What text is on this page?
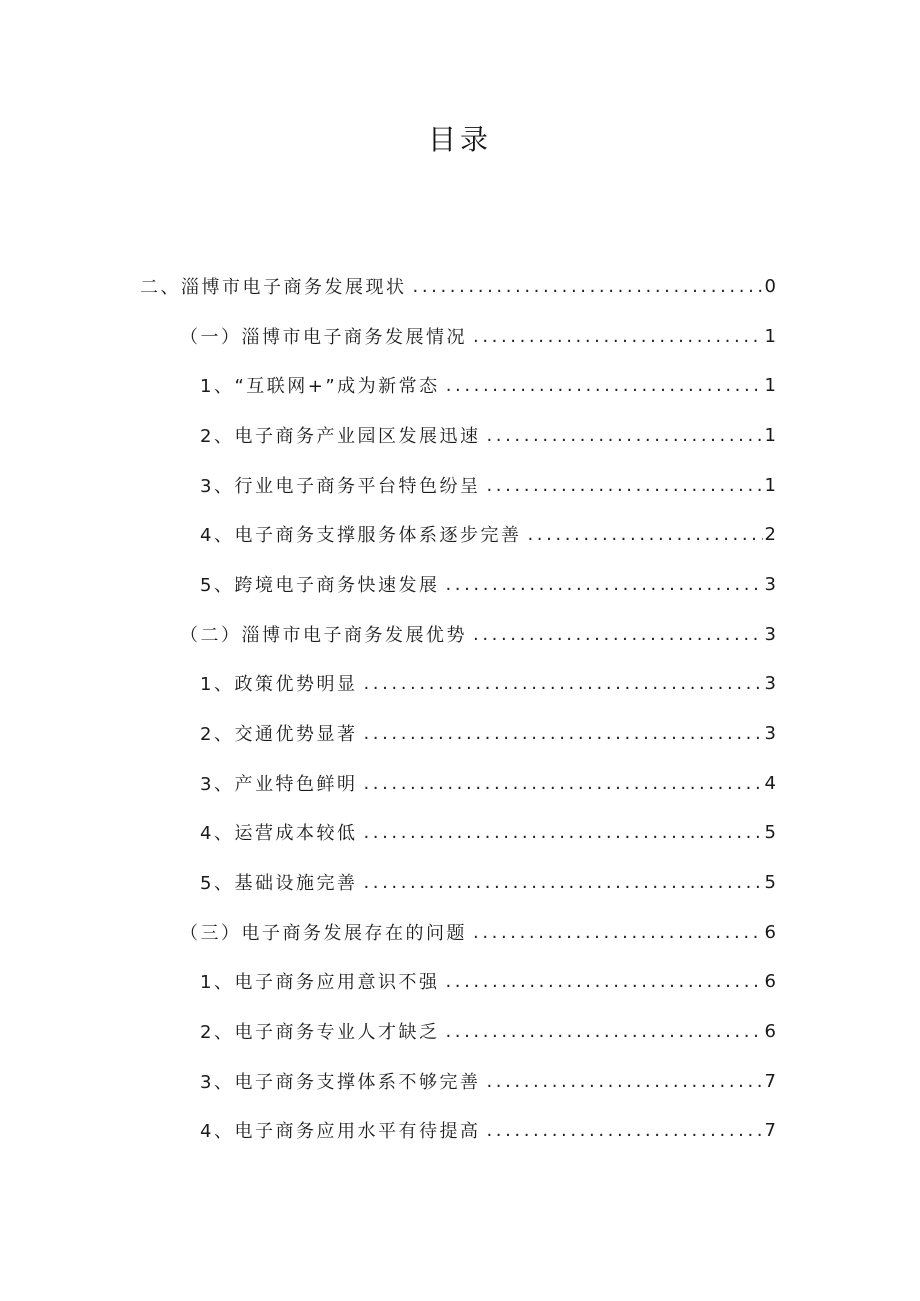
目录
二、淄博市电子商务发展现状 .....	0
（一）淄博市电子商务发展情况 .....	1
1、“互联网+”成为新常态 .....	1
2、电子商务产业园区发展迅速 .....	1
3、行业电子商务平台特色纷呈 .....	1
4、电子商务支撑服务体系逐步完善 .....	2
5、跨境电子商务快速发展 .....	3
（二）淄博市电子商务发展优势 .....	3
1、政策优势明显 .....	3
2、交通优势显著 .....	3
3、产业特色鲜明 .....	4
4、运营成本较低 .....	5
5、基础设施完善 .....	5
（三）电子商务发展存在的问题 .....	6
1、电子商务应用意识不强 .....	6
2、电子商务专业人才缺乏 .....	6
3、电子商务支撑体系不够完善 .....	7
4、电子商务应用水平有待提高 .....	7
